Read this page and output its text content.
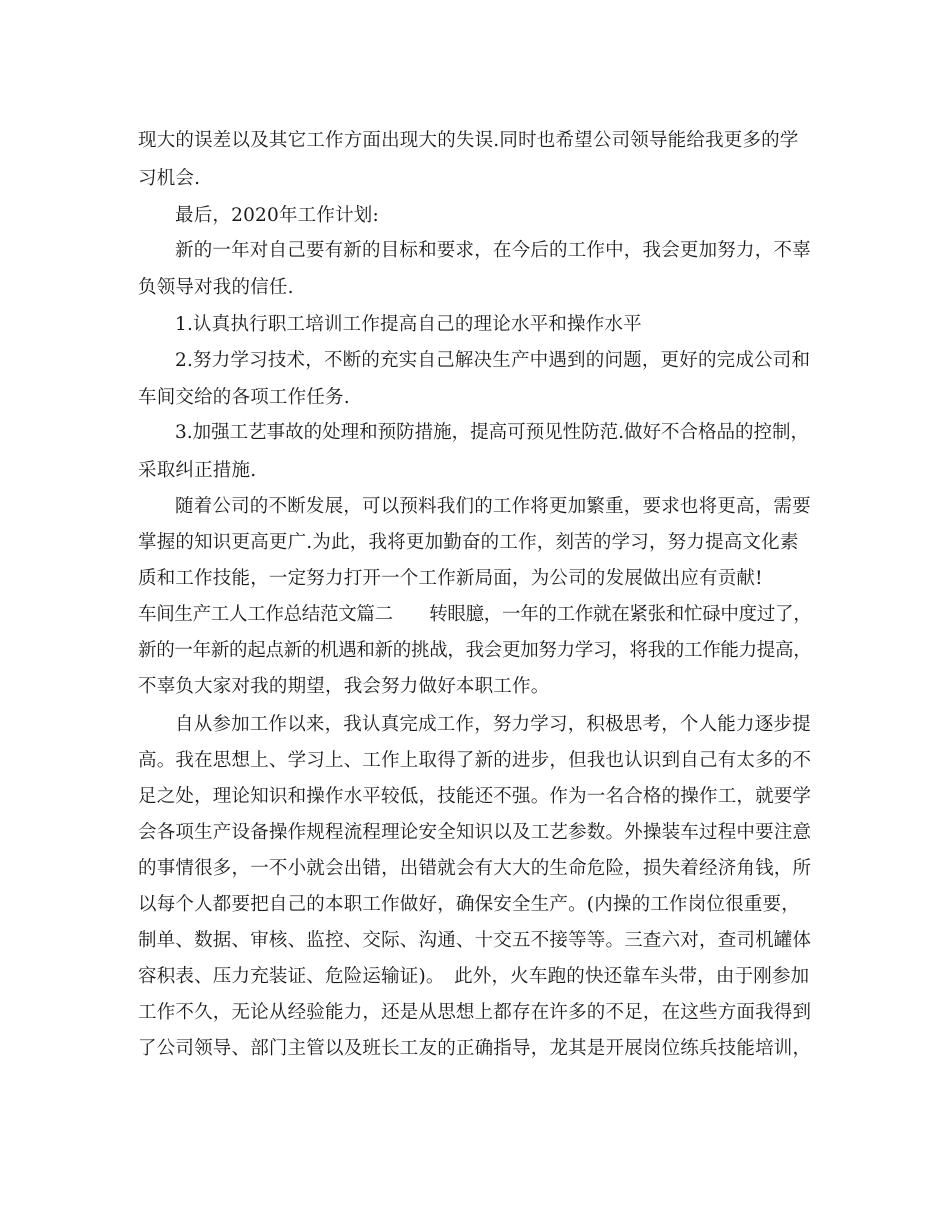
现大的误差以及其它工作方面出现大的失误.同时也希望公司领导能给我更多的学
习机会.
最后，2020年工作计划:
新的一年对自己要有新的目标和要求，在今后的工作中，我会更加努力，不辜
负领导对我的信任.
1.认真执行职工培训工作提高自己的理论水平和操作水平
2.努力学习技术，不断的充实自己解决生产中遇到的问题，更好的完成公司和
车间交给的各项工作任务.
3.加强工艺事故的处理和预防措施，提高可预见性防范.做好不合格品的控制，
采取纠正措施.
随着公司的不断发展，可以预料我们的工作将更加繁重，要求也将更高，需要
掌握的知识更高更广.为此，我将更加勤奋的工作，刻苦的学习，努力提高文化素
质和工作技能，一定努力打开一个工作新局面，为公司的发展做出应有贡献!
车间生产工人工作总结范文篇二　　转眼臆，一年的工作就在紧张和忙碌中度过了，
新的一年新的起点新的机遇和新的挑战，我会更加努力学习，将我的工作能力提高，
不辜负大家对我的期望，我会努力做好本职工作。
自从参加工作以来，我认真完成工作，努力学习，积极思考，个人能力逐步提
高。我在思想上、学习上、工作上取得了新的进步，但我也认识到自己有太多的不
足之处，理论知识和操作水平较低，技能还不强。作为一名合格的操作工，就要学
会各项生产设备操作规程流程理论安全知识以及工艺参数。外操装车过程中要注意
的事情很多，一不小就会出错，出错就会有大大的生命危险，损失着经济角钱，所
以每个人都要把自己的本职工作做好，确保安全生产。(内操的工作岗位很重要，
制单、数据、审核、监控、交际、沟通、十交五不接等等。三查六对，查司机罐体
容积表、压力充装证、危险运输证)。　此外，火车跑的快还靠车头带，由于刚参加
工作不久，无论从经验能力，还是从思想上都存在许多的不足，在这些方面我得到
了公司领导、部门主管以及班长工友的正确指导，龙其是开展岗位练兵技能培训，
